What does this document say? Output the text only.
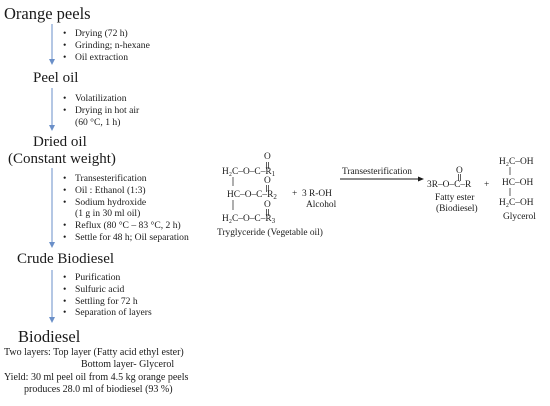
Orange peels
• Drying (72 h)
• Grinding; n-hexane
• Oil extraction
Peel oil
• Volatilization
• Drying in hot air
(60 °C, 1 h)
Dried oil
(Constant weight)
• Transesterification
• Oil : Ethanol (1:3)
• Sodium hydroxide
(1 g in 30 ml oil)
• Reflux (80 °C – 83 °C, 2 h)
• Settle for 48 h; Oil separation
Crude Biodiesel
• Purification
• Sulfuric acid
• Settling for 72 h
• Separation of layers
Biodiesel
Two layers: Top layer (Fatty acid ethyl ester)
Bottom layer- Glycerol
Yield: 30 ml peel oil from 4.5 kg orange peels
produces 28.0 ml of biodiesel (93 %)
O
H₂C–$O-C-R_1$
O
$HC-O-C-R_2$
O
H₂C–$O-C-R_3$
Tryglyceride (Vegetable oil)
+ 3 R-OH
Alcohol
Transesterification	O
3R–O–C–R
Fatty ester
(Biodiesel)
+
H₂C–OH
HC–OH
H₂C–OH
Glycerol
